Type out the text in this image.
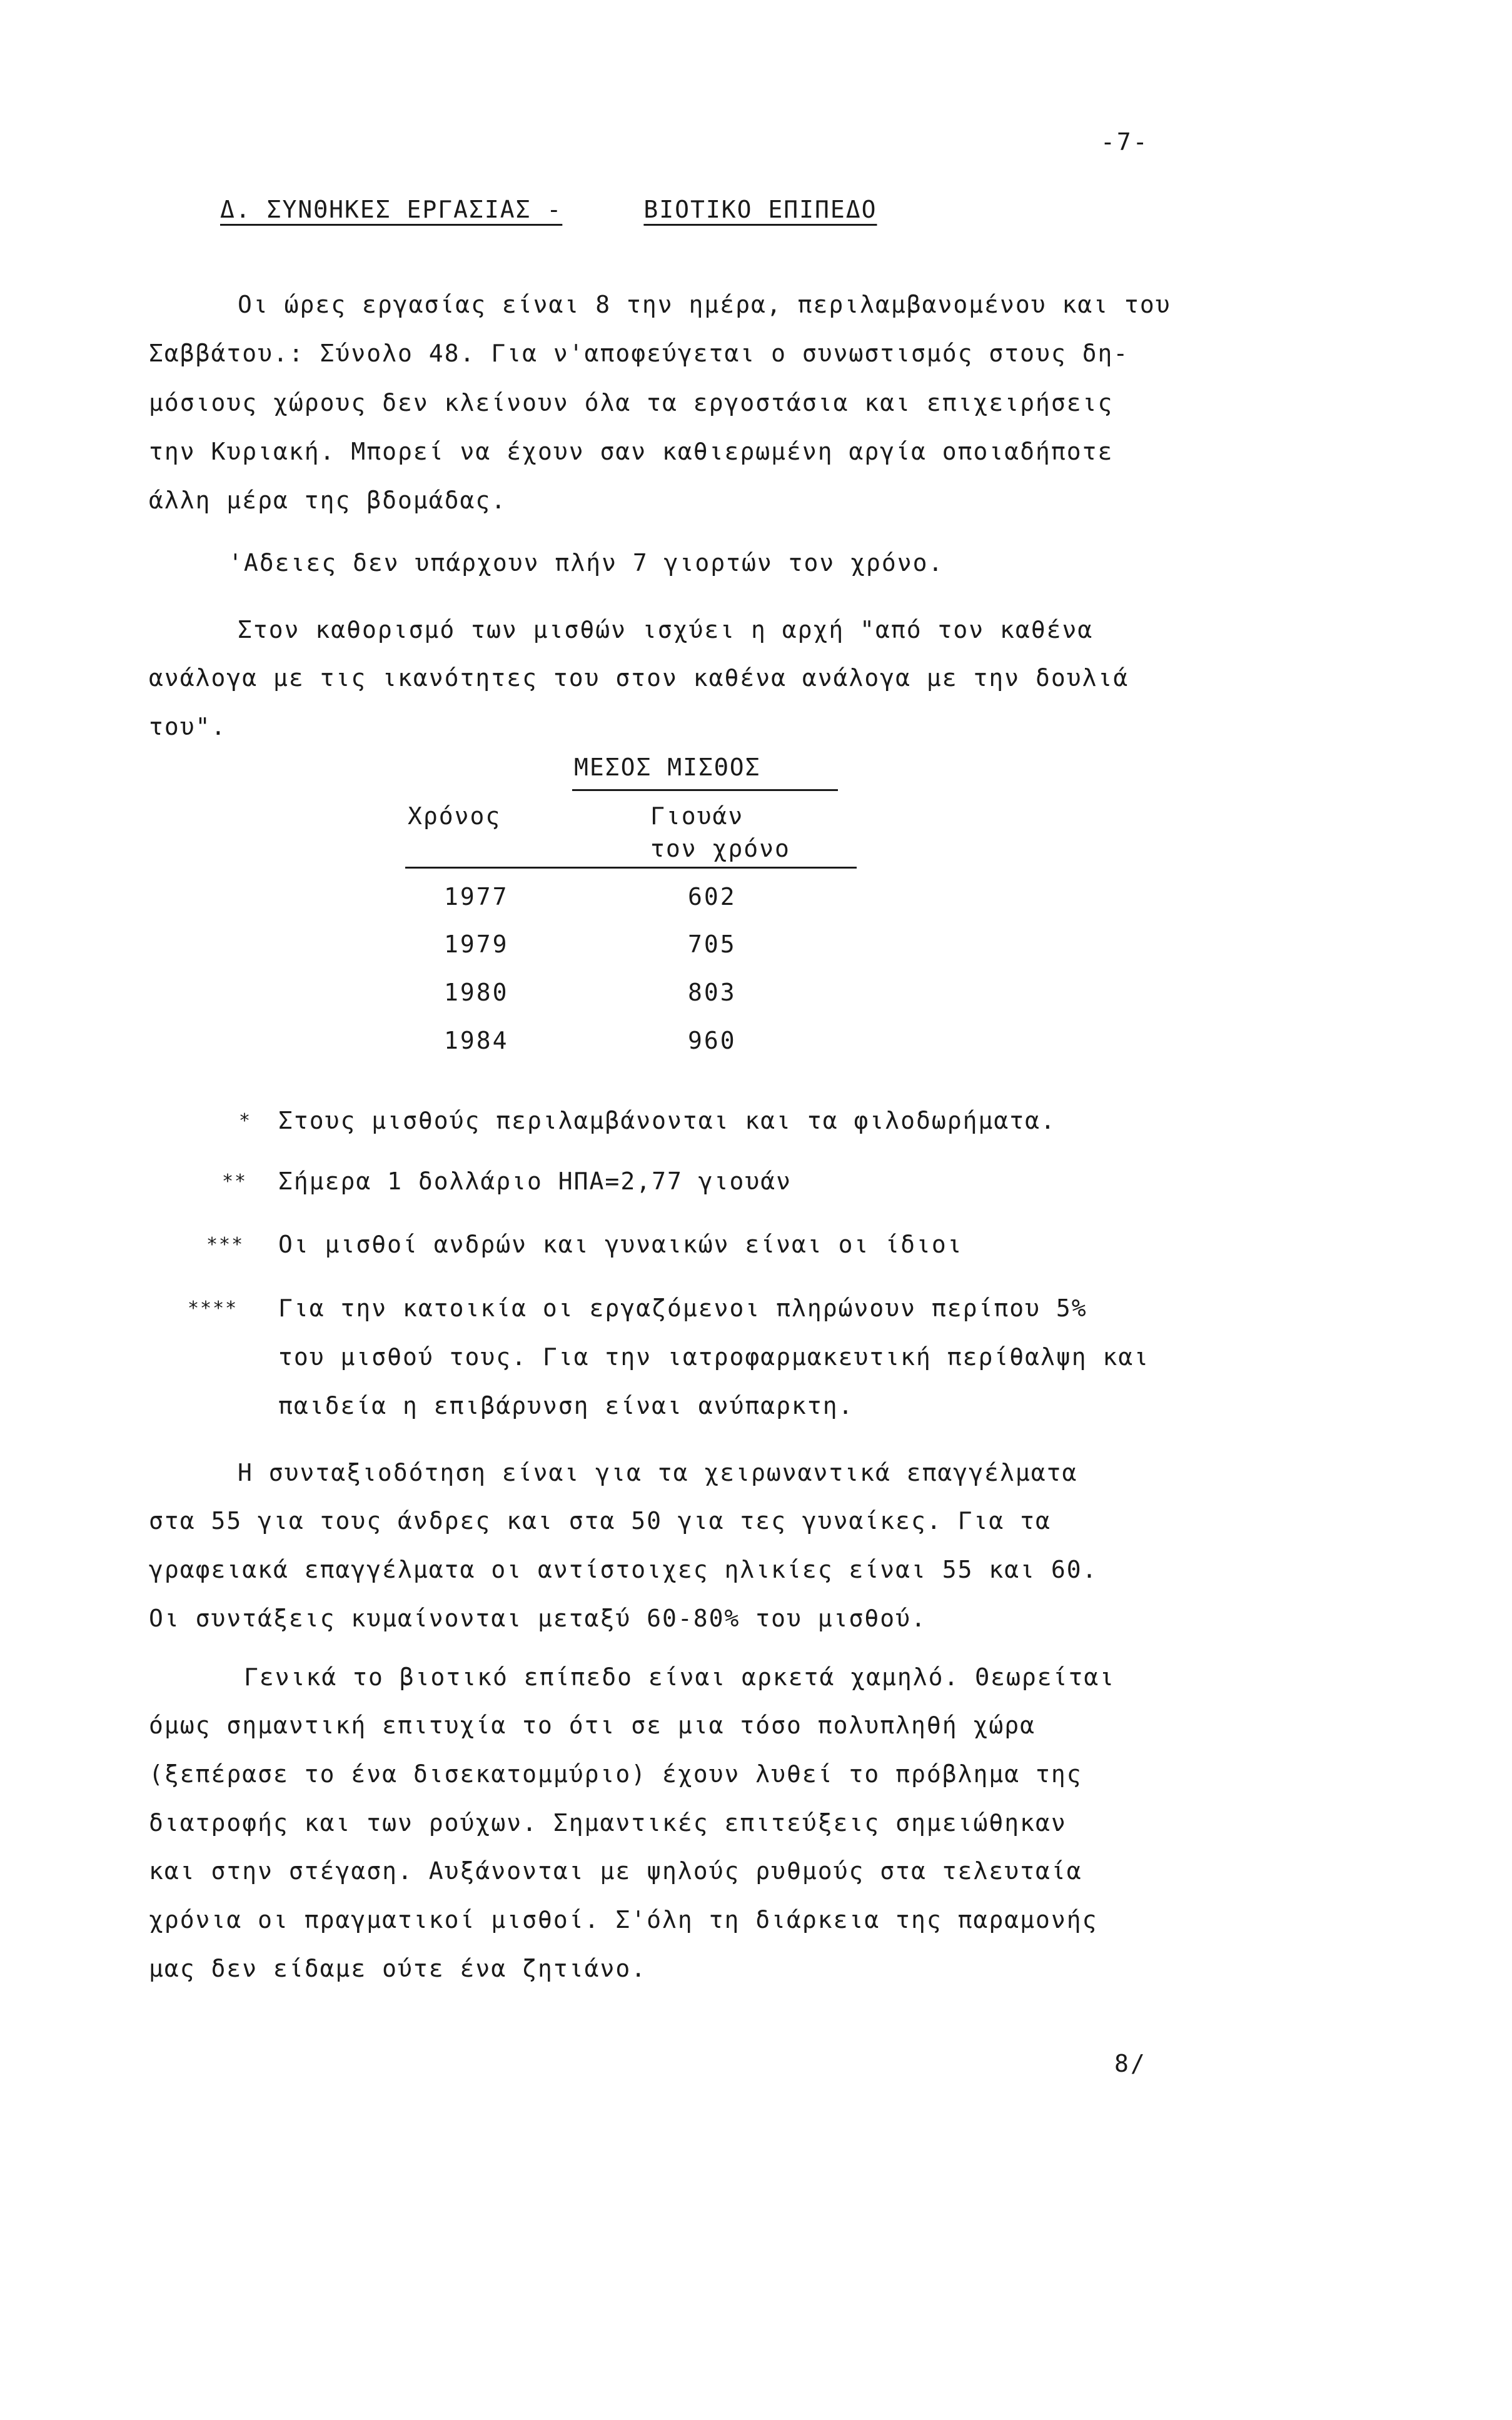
-7-
Δ. ΣΥΝΘΗΚΕΣ ΕΡΓΑΣΙΑΣ -	ΒΙΟΤΙΚΟ ΕΠΙΠΕΔΟ
Οι ώρες εργασίας είναι 8 την ημέρα, περιλαμβανομένου και του
Σαββάτου.: Σύνολο 48. Για ν'αποφεύγεται ο συνωστισμός στους δη-
μόσιους χώρους δεν κλείνουν όλα τα εργοστάσια και επιχειρήσεις
την Κυριακή. Μπορεί να έχουν σαν καθιερωμένη αργία οποιαδήποτε
άλλη μέρα της βδομάδας.
'Αδειες δεν υπάρχουν πλήν 7 γιορτών τον χρόνο.
Στον καθορισμό των μισθών ισχύει η αρχή "από τον καθένα
ανάλογα με τις ικανότητες του στον καθένα ανάλογα με την δουλιά
του".
ΜΕΣΟΣ ΜΙΣΘΟΣ
Χρόνος	Γιουάν
τον χρόνο
1977	602
1979	705
1980	803
1984	960
* Στους μισθούς περιλαμβάνονται και τα φιλοδωρήματα.
** Σήμερα 1 δολλάριο ΗΠΑ=2,77 γιουάν
*** Οι μισθοί ανδρών και γυναικών είναι οι ίδιοι
**** Για την κατοικία οι εργαζόμενοι πληρώνουν περίπου 5%
του μισθού τους. Για την ιατροφαρμακευτική περίθαλψη και
παιδεία η επιβάρυνση είναι ανύπαρκτη.
Η συνταξιοδότηση είναι για τα χειρωναντικά επαγγέλματα
στα 55 για τους άνδρες και στα 50 για τες γυναίκες. Για τα
γραφειακά επαγγέλματα οι αντίστοιχες ηλικίες είναι 55 και 60.
Οι συντάξεις κυμαίνονται μεταξύ 60-80% του μισθού.
Γενικά το βιοτικό επίπεδο είναι αρκετά χαμηλό. Θεωρείται
όμως σημαντική επιτυχία το ότι σε μια τόσο πολυπληθή χώρα
(ξεπέρασε το ένα δισεκατομμύριο) έχουν λυθεί το πρόβλημα της
διατροφής και των ρούχων. Σημαντικές επιτεύξεις σημειώθηκαν
και στην στέγαση. Αυξάνονται με ψηλούς ρυθμούς στα τελευταία
χρόνια οι πραγματικοί μισθοί. Σ'όλη τη διάρκεια της παραμονής
μας δεν είδαμε ούτε ένα ζητιάνο.
8/
